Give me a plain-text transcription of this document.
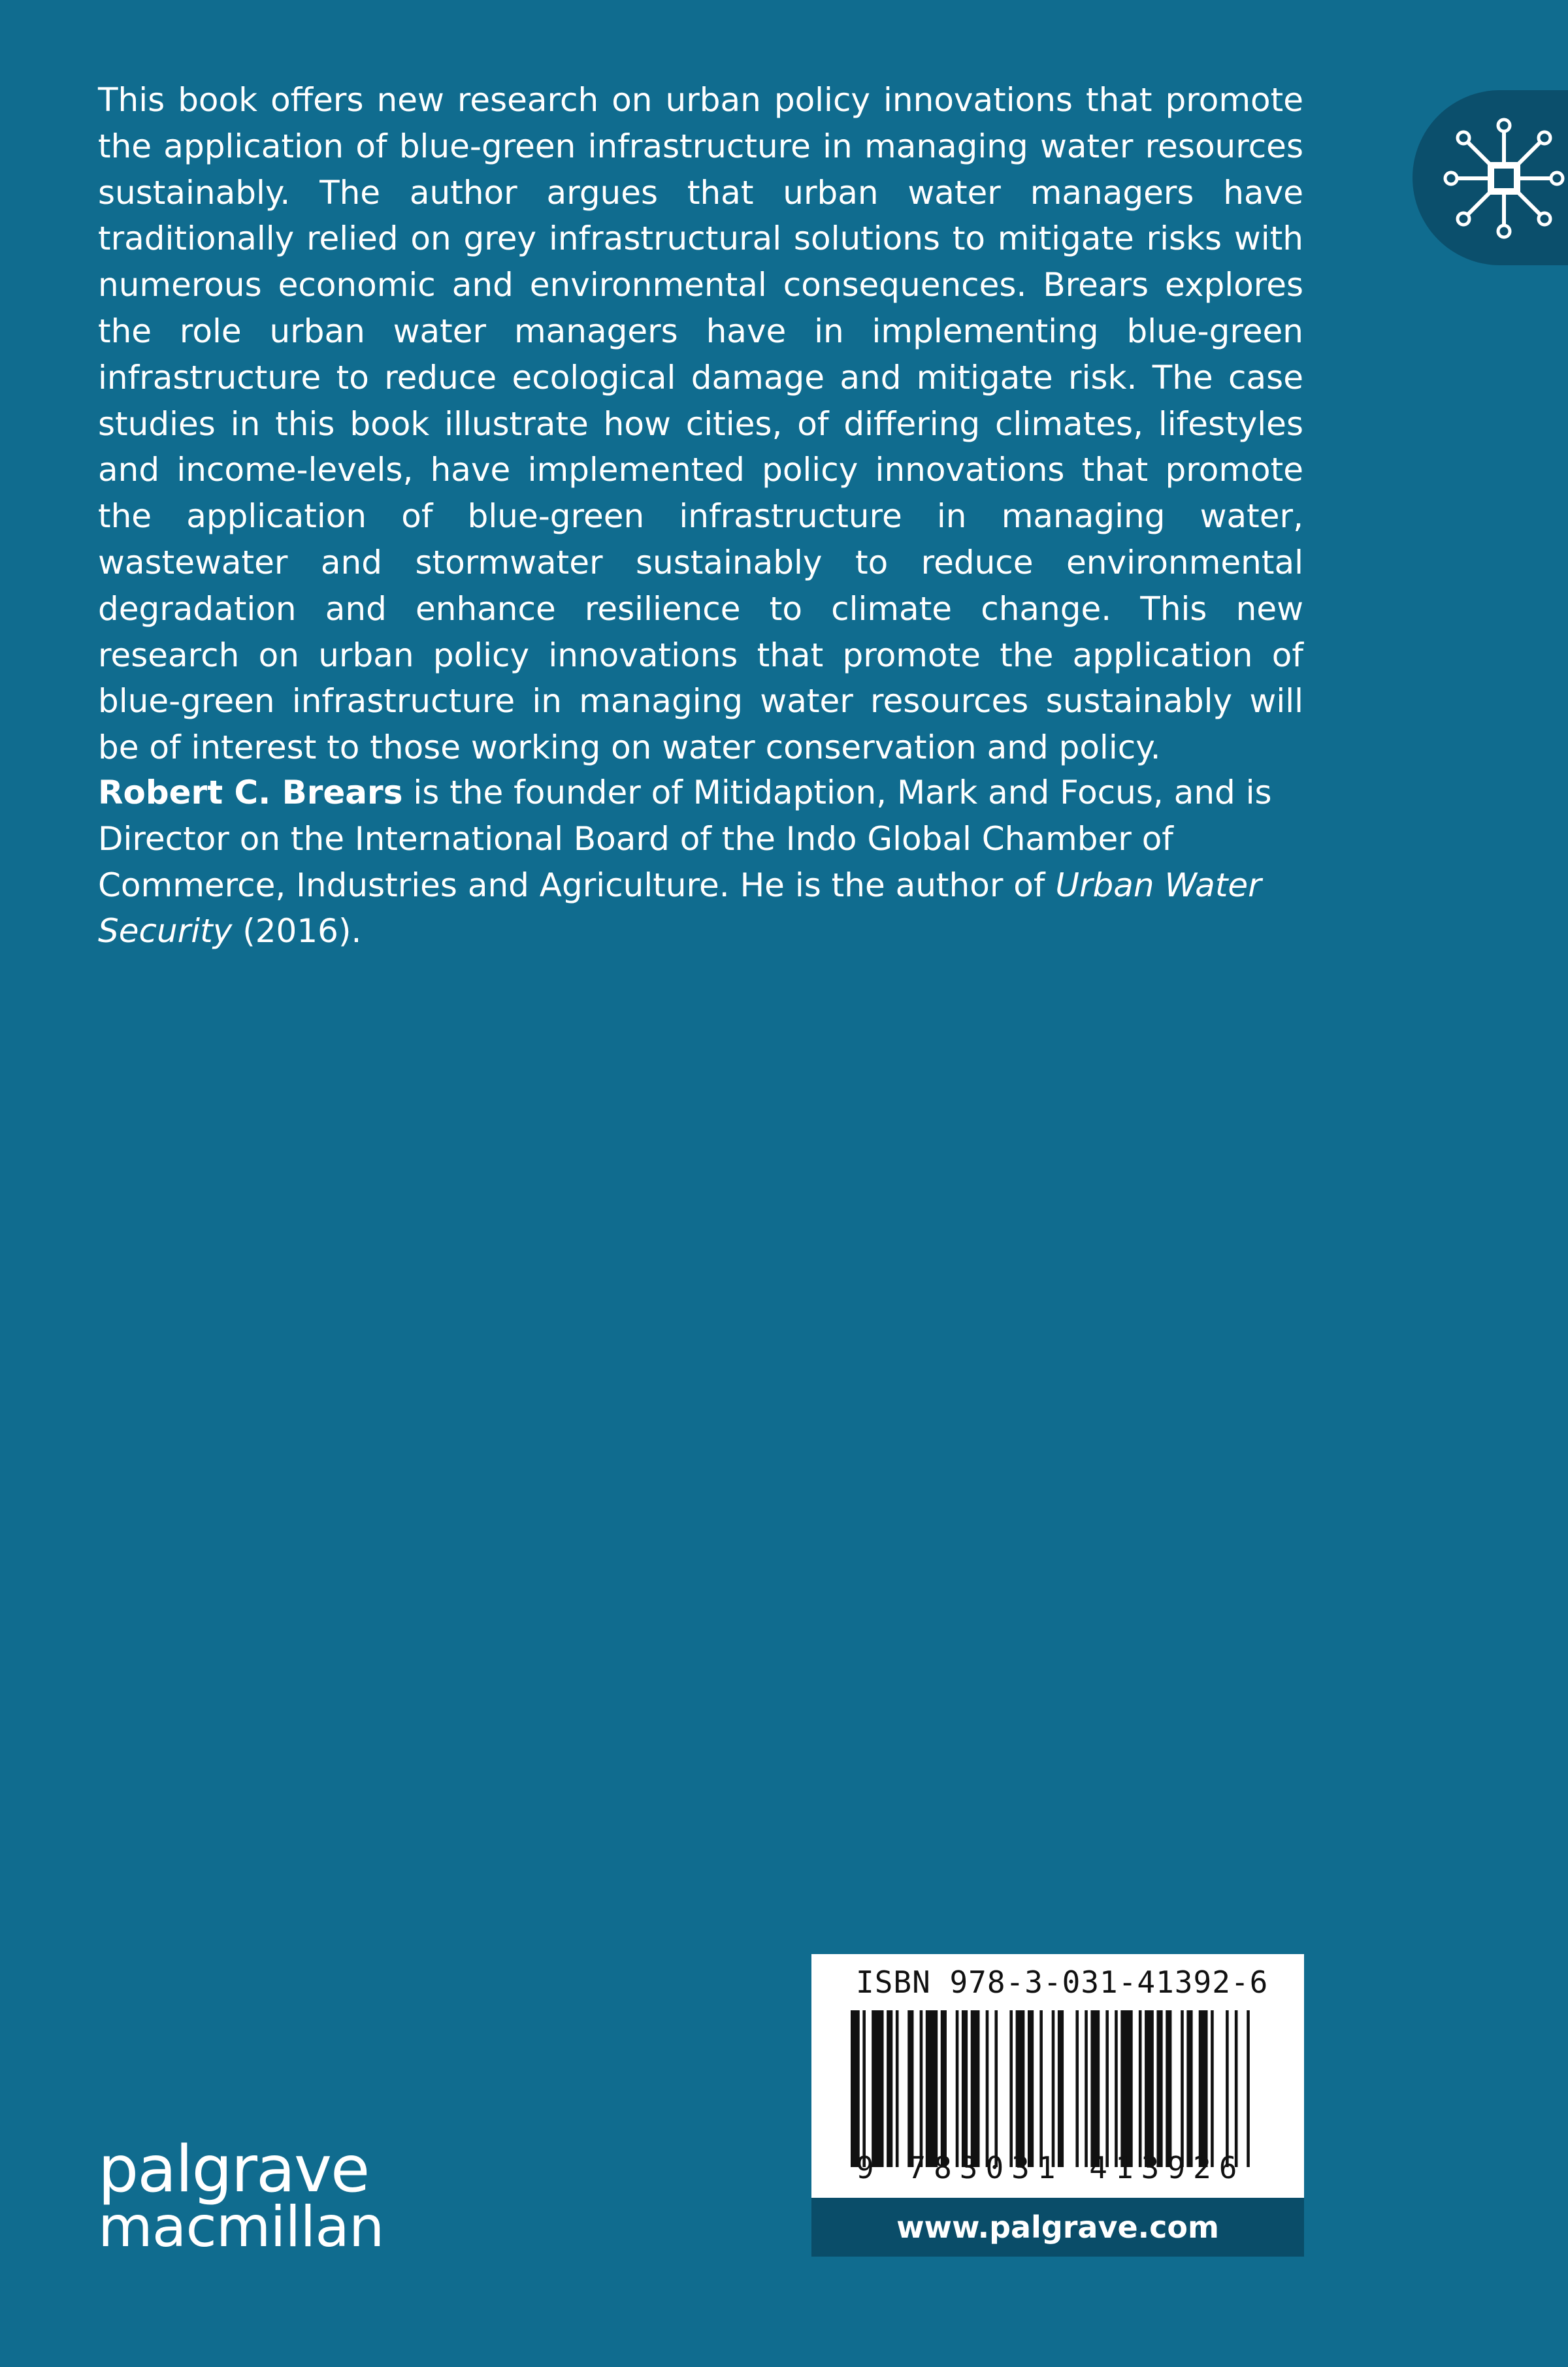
This book offers new research on urban policy innovations that promote the application of blue-green infrastructure in managing water resources sustainably. The author argues that urban water managers have traditionally relied on grey infrastructural solutions to mitigate risks with numerous economic and environmental consequences. Brears explores the role urban water managers have in implementing blue-green infrastructure to reduce ecological damage and mitigate risk. The case studies in this book illustrate how cities, of differing climates, lifestyles and income-levels, have implemented policy innovations that promote the application of blue-green infrastructure in managing water, wastewater and stormwater sustainably to reduce environmental degradation and enhance resilience to climate change. This new research on urban policy innovations that promote the application of blue-green infrastructure in managing water resources sustainably will be of interest to those working on water conservation and policy.

Robert C. Brears is the founder of Mitidaption, Mark and Focus, and is Director on the International Board of the Indo Global Chamber of Commerce, Industries and Agriculture. He is the author of Urban Water Security (2016).

ISBN 978-3-031-41392-6
9 783031 413926
www.palgrave.com
palgrave
macmillan
